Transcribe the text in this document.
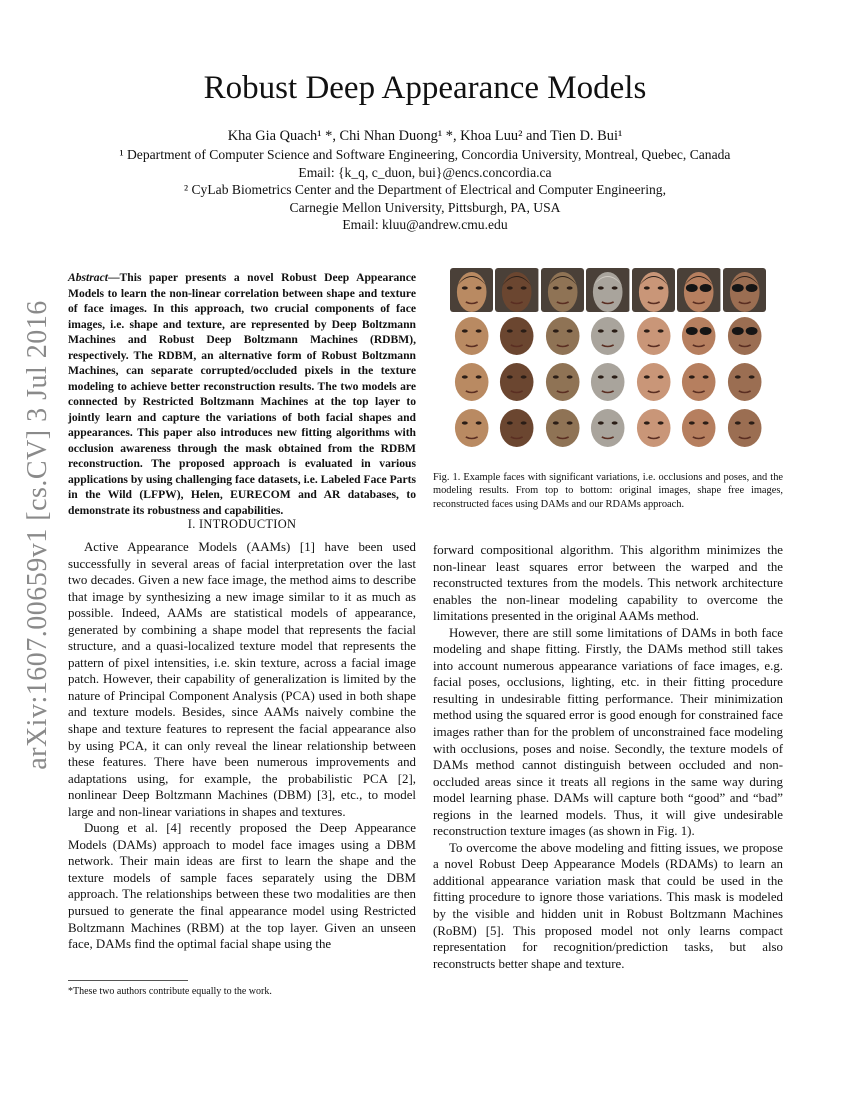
arXiv:1607.00659v1 [cs.CV] 3 Jul 2016
Robust Deep Appearance Models
Kha Gia Quach¹ *, Chi Nhan Duong¹ *, Khoa Luu² and Tien D. Bui¹
¹ Department of Computer Science and Software Engineering, Concordia University, Montreal, Quebec, Canada
Email: {k_q, c_duon, bui}@encs.concordia.ca
² CyLab Biometrics Center and the Department of Electrical and Computer Engineering,
Carnegie Mellon University, Pittsburgh, PA, USA
Email: kluu@andrew.cmu.edu
Abstract—This paper presents a novel Robust Deep Appearance Models to learn the non-linear correlation between shape and texture of face images. In this approach, two crucial components of face images, i.e. shape and texture, are represented by Deep Boltzmann Machines and Robust Deep Boltzmann Machines (RDBM), respectively. The RDBM, an alternative form of Robust Boltzmann Machines, can separate corrupted/occluded pixels in the texture modeling to achieve better reconstruction results. The two models are connected by Restricted Boltzmann Machines at the top layer to jointly learn and capture the variations of both facial shapes and appearances. This paper also introduces new fitting algorithms with occlusion awareness through the mask obtained from the RDBM reconstruction. The proposed approach is evaluated in various applications by using challenging face datasets, i.e. Labeled Face Parts in the Wild (LFPW), Helen, EURECOM and AR databases, to demonstrate its robustness and capabilities.
I. INTRODUCTION

Active Appearance Models (AAMs) [1] have been used successfully in several areas of facial interpretation over the last two decades. Given a new face image, the method aims to describe that image by synthesizing a new image similar to it as much as possible. Indeed, AAMs are statistical models of appearance, generated by combining a shape model that represents the facial structure, and a quasi-localized texture model that represents the pattern of pixel intensities, i.e. skin texture, across a facial image patch. However, their capability of generalization is limited by the nature of Principal Component Analysis (PCA) used in both shape and texture models. Besides, since AAMs naively combine the shape and texture features to represent the facial appearance also by using PCA, it can only reveal the linear relationship between these features. There have been numerous improvements and adaptations using, for example, the probabilistic PCA [2], nonlinear Deep Boltzmann Machines (DBM) [3], etc., to model large and non-linear variations in shapes and textures.

Duong et al. [4] recently proposed the Deep Appearance Models (DAMs) approach to model face images using a DBM network. Their main ideas are first to learn the shape and the texture models of sample faces separately using the DBM approach. The relationships between these two modalities are then pursued to generate the final appearance model using Restricted Boltzmann Machines (RBM) at the top layer. Given an unseen face, DAMs find the optimal facial shape using the

*These two authors contribute equally to the work.
Fig. 1. Example faces with significant variations, i.e. occlusions and poses, and the modeling results. From top to bottom: original images, shape free images, reconstructed faces using DAMs and our RDAMs approach.

forward compositional algorithm. This algorithm minimizes the non-linear least squares error between the warped and the reconstructed textures from the models. This network architecture enables the non-linear modeling capability to overcome the limitations presented in the original AAMs method.

However, there are still some limitations of DAMs in both face modeling and shape fitting. Firstly, the DAMs method still takes into account numerous appearance variations of face images, e.g. facial poses, occlusions, lighting, etc. in their fitting procedure resulting in undesirable fitting performance. Their minimization method using the squared error is good enough for constrained face images rather than for the problem of unconstrained face modeling with occlusions, poses and noise. Secondly, the texture models of DAMs method cannot distinguish between occluded and non-occluded areas since it treats all regions in the same way during model learning phase. DAMs will capture both “good” and “bad” regions in the learned models. Thus, it will give undesirable reconstruction texture images (as shown in Fig. 1).

To overcome the above modeling and fitting issues, we propose a novel Robust Deep Appearance Models (RDAMs) to learn an additional appearance variation mask that could be used in the fitting procedure to ignore those variations. This mask is modeled by the visible and hidden unit in Robust Boltzmann Machines (RoBM) [5]. This proposed model not only learns compact representation for recognition/prediction tasks, but also reconstructs better shape and texture.
